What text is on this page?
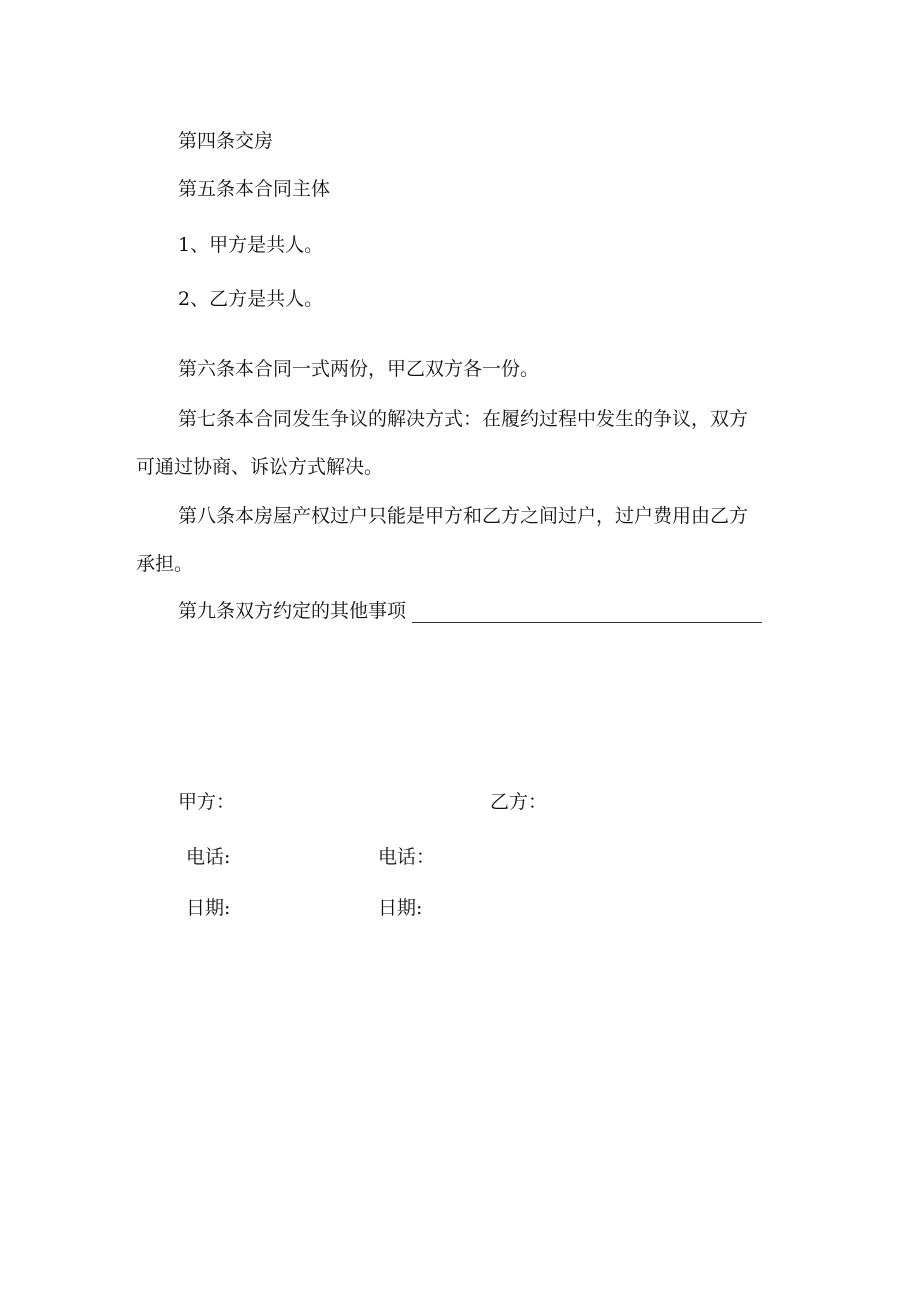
第四条交房
第五条本合同主体
1、甲方是共人。
2、乙方是共人。
第六条本合同一式两份，甲乙双方各一份。
第七条本合同发生争议的解决方式：在履约过程中发生的争议，双方
可通过协商、诉讼方式解决。
第八条本房屋产权过户只能是甲方和乙方之间过户，过户费用由乙方
承担。
第九条双方约定的其他事项
甲方：	乙方：
电话:	电话：
日期:	日期:
